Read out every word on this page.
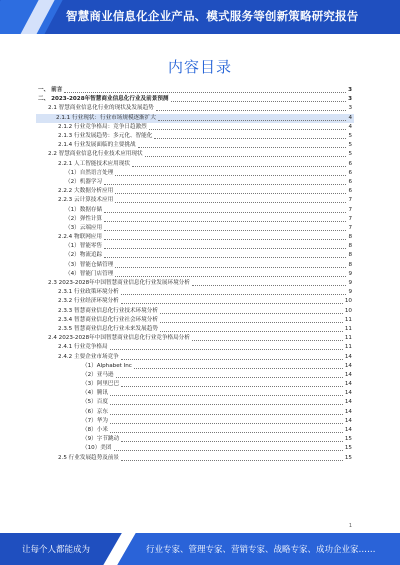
智慧商业信息化企业产品、模式服务等创新策略研究报告
内容目录
一、 前言	3
二、 2023-2028年智慧商业信息化行业及前景预测	3
2.1 智慧商业信息化行业的现状及发展趋势	3
2.1.1 行业现状：行业市场规模逐渐扩大	4
2.1.2 行业竞争格局：竞争日趋激烈	4
2.1.3 行业发展趋势：多元化、智能化	5
2.1.4 行业发展面临的主要挑战	5
2.2 智慧商业信息化行业技术应用现状	5
2.2.1 人工智能技术应用现状	6
（1）自然语言处理	6
（2）机器学习	6
2.2.2 大数据分析应用	6
2.2.3 云计算技术应用	7
（1）数据存储	7
（2）弹性计算	7
（3）云端应用	7
2.2.4 物联网应用	8
（1）智能零售	8
（2）物流追踪	8
（3）智能仓储管理	8
（4）智能门店管理	9
2.3 2023-2028年中国智慧商业信息化行业发展环境分析	9
2.3.1 行业政策环境分析	9
2.3.2 行业经济环境分析	10
2.3.3 智慧商业信息化行业技术环境分析	10
2.3.4 智慧商业信息化行业社会环境分析	11
2.3.5 智慧商业信息化行业未来发展趋势	11
2.4 2023-2028年中国智慧商业信息化行业竞争格局分析	11
2.4.1 行业竞争格局	11
2.4.2 主要企业市场竞争	14
（1）Alphabet Inc	14
（2）亚马逊	14
（3）阿里巴巴	14
（4）腾讯	14
（5）百度	14
（6）京东	14
（7）华为	14
（8）小米	14
（9）字节跳动	15
（10）美团	15
2.5 行业发展趋势及前景	15
1
让每个人都能成为	行业专家、管理专家、营销专家、战略专家、成功企业家……
